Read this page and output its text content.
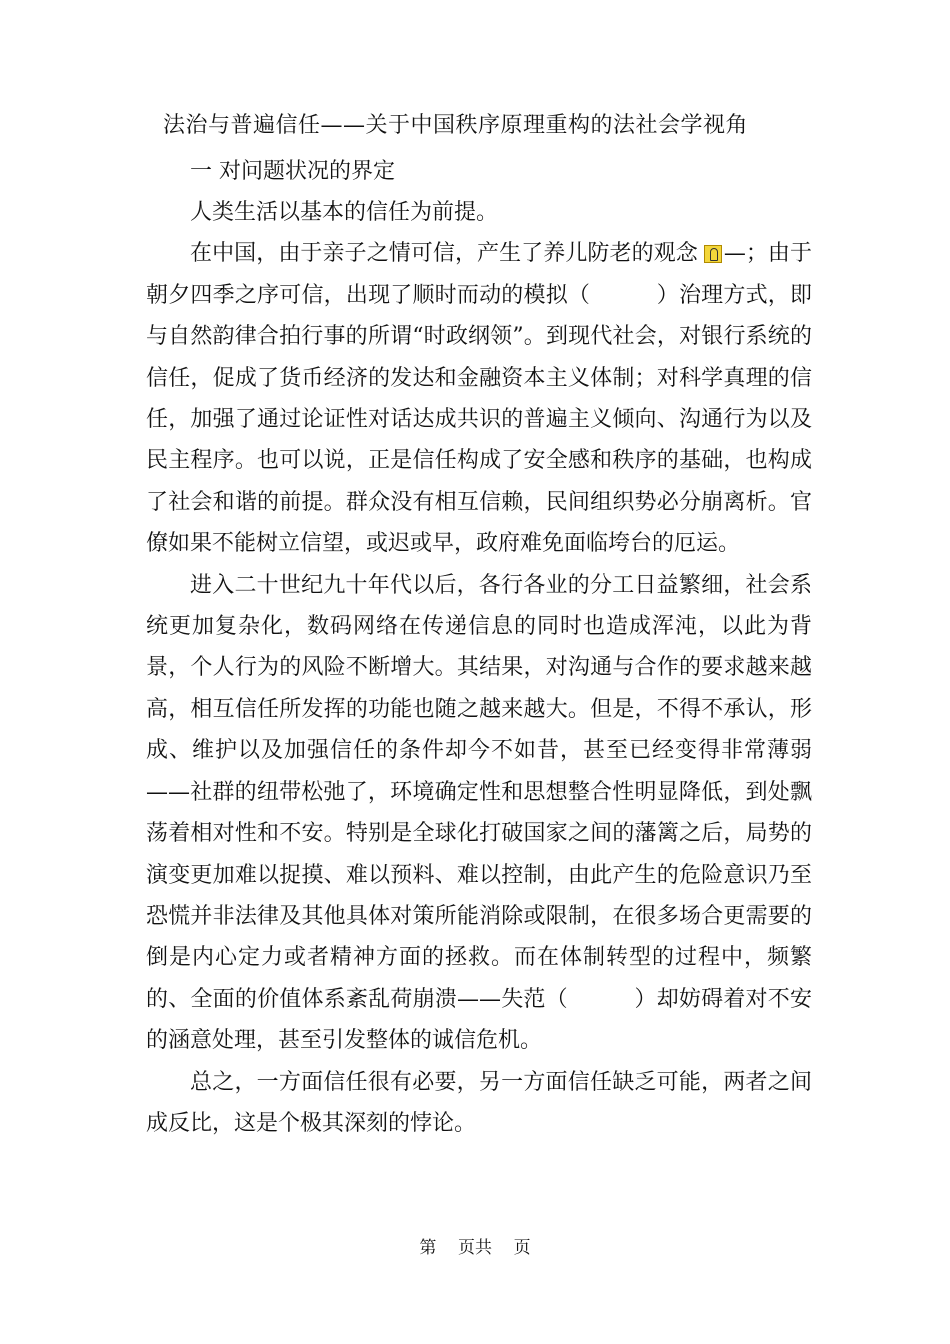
法治与普遍信任——关于中国秩序原理重构的法社会学视角
一 对问题状况的界定

人类生活以基本的信任为前提。

在中国，由于亲子之情可信，产生了养儿防老的观念 —；由于朝夕四季之序可信，出现了顺时而动的模拟（　　　）治理方式，即与自然韵律合拍行事的所谓“时政纲领”。到现代社会，对银行系统的信任，促成了货币经济的发达和金融资本主义体制；对科学真理的信任，加强了通过论证性对话达成共识的普遍主义倾向、沟通行为以及民主程序。也可以说，正是信任构成了安全感和秩序的基础，也构成了社会和谐的前提。群众没有相互信赖，民间组织势必分崩离析。官僚如果不能树立信望，或迟或早，政府难免面临垮台的厄运。

进入二十世纪九十年代以后，各行各业的分工日益繁细，社会系统更加复杂化，数码网络在传递信息的同时也造成浑沌，以此为背景，个人行为的风险不断增大。其结果，对沟通与合作的要求越来越高，相互信任所发挥的功能也随之越来越大。但是，不得不承认，形成、维护以及加强信任的条件却今不如昔，甚至已经变得非常薄弱——社群的纽带松弛了，环境确定性和思想整合性明显降低，到处飘荡着相对性和不安。特别是全球化打破国家之间的藩篱之后，局势的演变更加难以捉摸、难以预料、难以控制，由此产生的危险意识乃至恐慌并非法律及其他具体对策所能消除或限制，在很多场合更需要的倒是内心定力或者精神方面的拯救。而在体制转型的过程中，频繁的、全面的价值体系紊乱荷崩溃——失范（　　　）却妨碍着对不安的涵意处理，甚至引发整体的诚信危机。

总之，一方面信任很有必要，另一方面信任缺乏可能，两者之间成反比，这是个极其深刻的悖论。

第    页共    页
